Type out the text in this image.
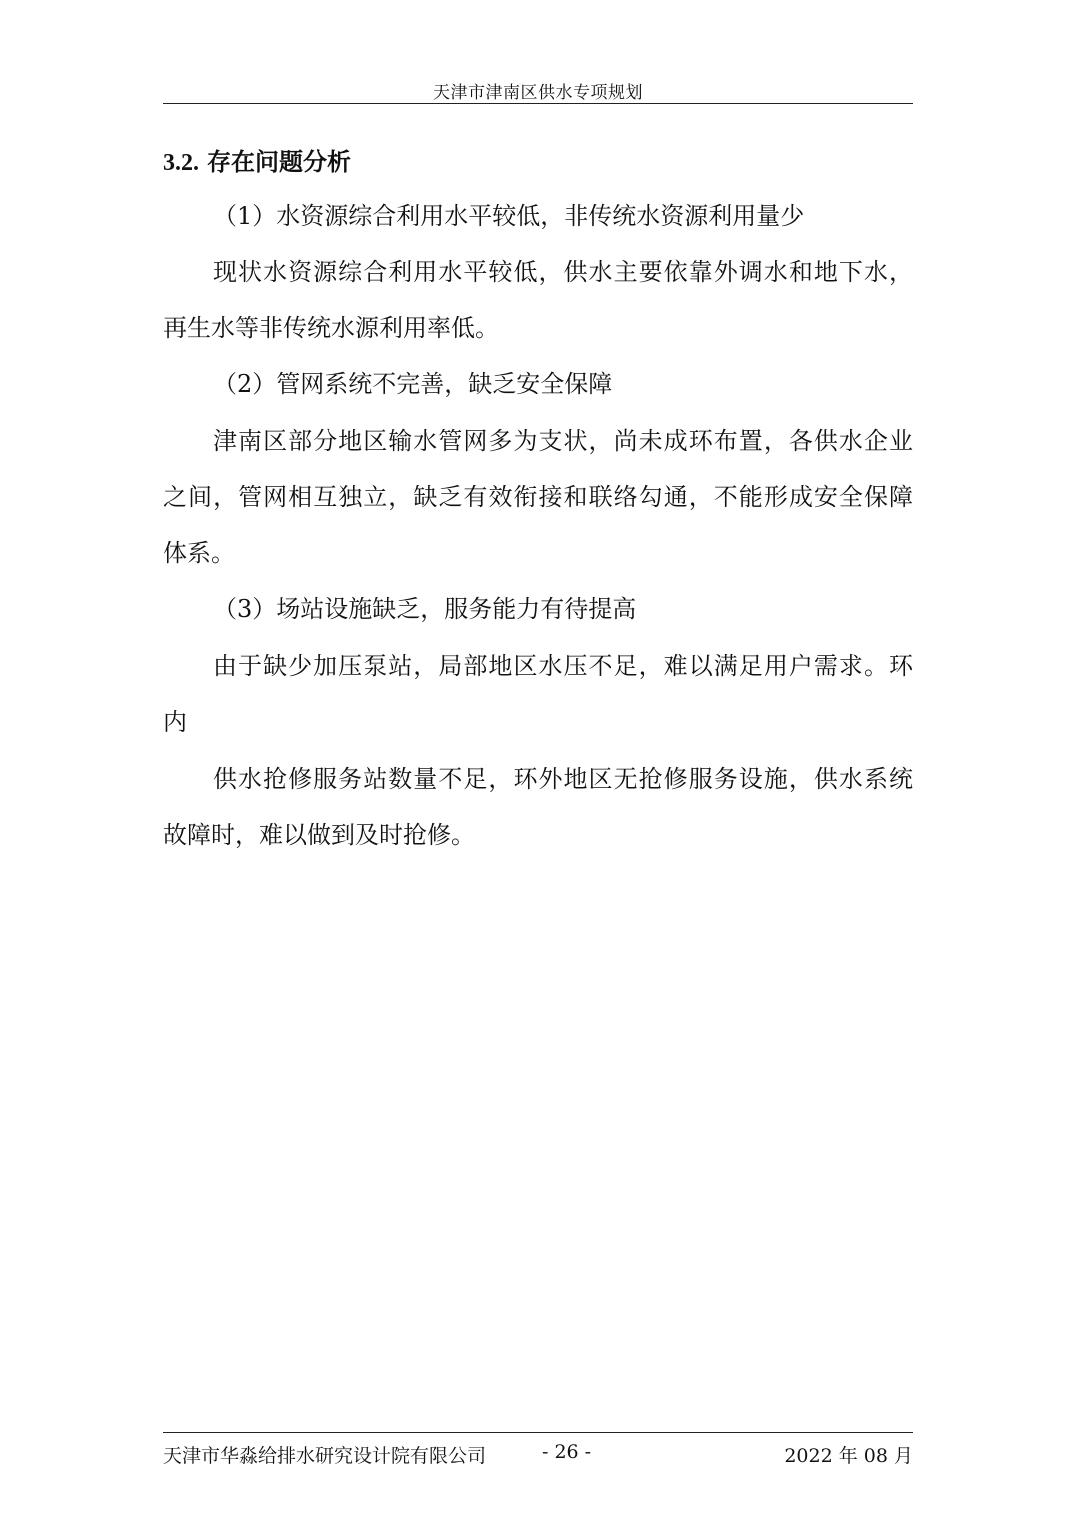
天津市津南区供水专项规划
3.2. 存在问题分析
（1）水资源综合利用水平较低，非传统水资源利用量少
现状水资源综合利用水平较低，供水主要依靠外调水和地下水，
再生水等非传统水源利用率低。
（2）管网系统不完善，缺乏安全保障
津南区部分地区输水管网多为支状，尚未成环布置，各供水企业
之间，管网相互独立，缺乏有效衔接和联络勾通，不能形成安全保障
体系。
（3）场站设施缺乏，服务能力有待提高
由于缺少加压泵站，局部地区水压不足，难以满足用户需求。环
内
供水抢修服务站数量不足，环外地区无抢修服务设施，供水系统
故障时，难以做到及时抢修。
天津市华淼给排水研究设计院有限公司	- 26 -	2022 年 08 月
